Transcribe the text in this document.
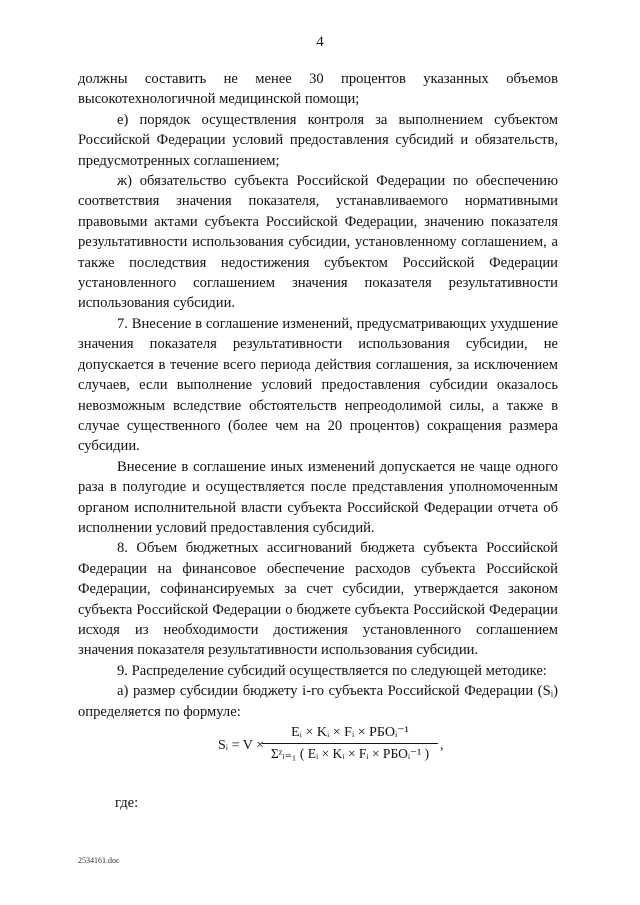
4

должны составить не менее 30 процентов указанных объемов высокотехнологичной медицинской помощи;

е) порядок осуществления контроля за выполнением субъектом Российской Федерации условий предоставления субсидий и обязательств, предусмотренных соглашением;

ж) обязательство субъекта Российской Федерации по обеспечению соответствия значения показателя, устанавливаемого нормативными правовыми актами субъекта Российской Федерации, значению показателя результативности использования субсидии, установленному соглашением, а также последствия недостижения субъектом Российской Федерации установленного соглашением значения показателя результативности использования субсидии.

7. Внесение в соглашение изменений, предусматривающих ухудшение значения показателя результативности использования субсидии, не допускается в течение всего периода действия соглашения, за исключением случаев, если выполнение условий предоставления субсидии оказалось невозможным вследствие обстоятельств непреодолимой силы, а также в случае существенного (более чем на 20 процентов) сокращения размера субсидии.

Внесение в соглашение иных изменений допускается не чаще одного раза в полугодие и осуществляется после представления уполномоченным органом исполнительной власти субъекта Российской Федерации отчета об исполнении условий предоставления субсидий.

8. Объем бюджетных ассигнований бюджета субъекта Российской Федерации на финансовое обеспечение расходов субъекта Российской Федерации, софинансируемых за счет субсидии, утверждается законом субъекта Российской Федерации о бюджете субъекта Российской Федерации исходя из необходимости достижения установленного соглашением значения показателя результативности использования субсидии.

9. Распределение субсидий осуществляется по следующей методике:

а) размер субсидии бюджету i-го субъекта Российской Федерации (Sᵢ) определяется по формуле:

Sᵢ = V ×
Eᵢ × Kᵢ × Fᵢ × РБОᵢ⁻¹
Σᶻᵢ₌₁ ( Eᵢ × Kᵢ × Fᵢ × РБОᵢ⁻¹ )
,
где:
2534161.doc
